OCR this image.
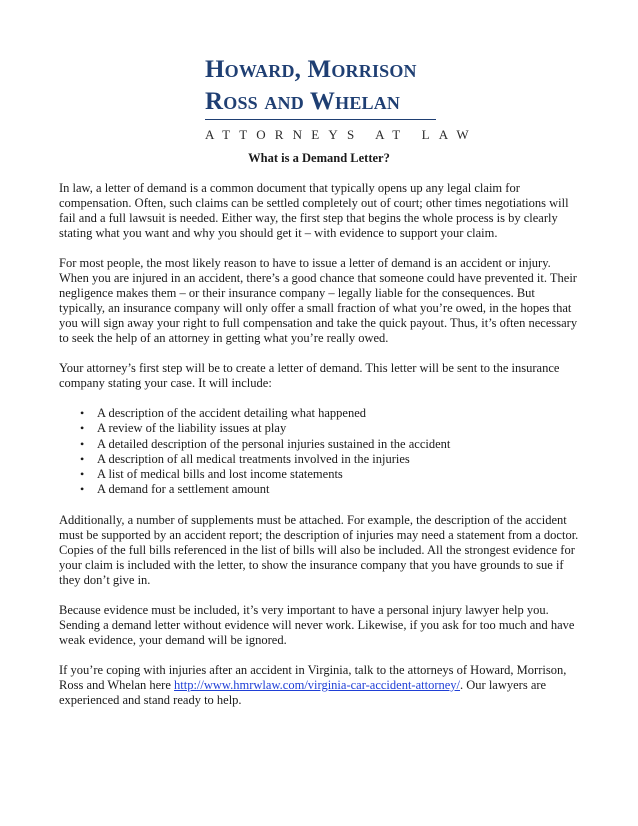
Howard, Morrison
Ross and Whelan
ATTORNEYS AT LAW
What is a Demand Letter?

In law, a letter of demand is a common document that typically opens up any legal claim for compensation. Often, such claims can be settled completely out of court; other times negotiations will fail and a full lawsuit is needed. Either way, the first step that begins the whole process is by clearly stating what you want and why you should get it – with evidence to support your claim.

For most people, the most likely reason to have to issue a letter of demand is an accident or injury. When you are injured in an accident, there’s a good chance that someone could have prevented it. Their negligence makes them – or their insurance company – legally liable for the consequences. But typically, an insurance company will only offer a small fraction of what you’re owed, in the hopes that you will sign away your right to full compensation and take the quick payout. Thus, it’s often necessary to seek the help of an attorney in getting what you’re really owed.

Your attorney’s first step will be to create a letter of demand. This letter will be sent to the insurance company stating your case. It will include:

• A description of the accident detailing what happened
• A review of the liability issues at play
• A detailed description of the personal injuries sustained in the accident
• A description of all medical treatments involved in the injuries
• A list of medical bills and lost income statements
• A demand for a settlement amount

Additionally, a number of supplements must be attached. For example, the description of the accident must be supported by an accident report; the description of injuries may need a statement from a doctor. Copies of the full bills referenced in the list of bills will also be included. All the strongest evidence for your claim is included with the letter, to show the insurance company that you have grounds to sue if they don’t give in.

Because evidence must be included, it’s very important to have a personal injury lawyer help you. Sending a demand letter without evidence will never work. Likewise, if you ask for too much and have weak evidence, your demand will be ignored.

If you’re coping with injuries after an accident in Virginia, talk to the attorneys of Howard, Morrison, Ross and Whelan here http://www.hmrwlaw.com/virginia-car-accident-attorney/. Our lawyers are experienced and stand ready to help.
